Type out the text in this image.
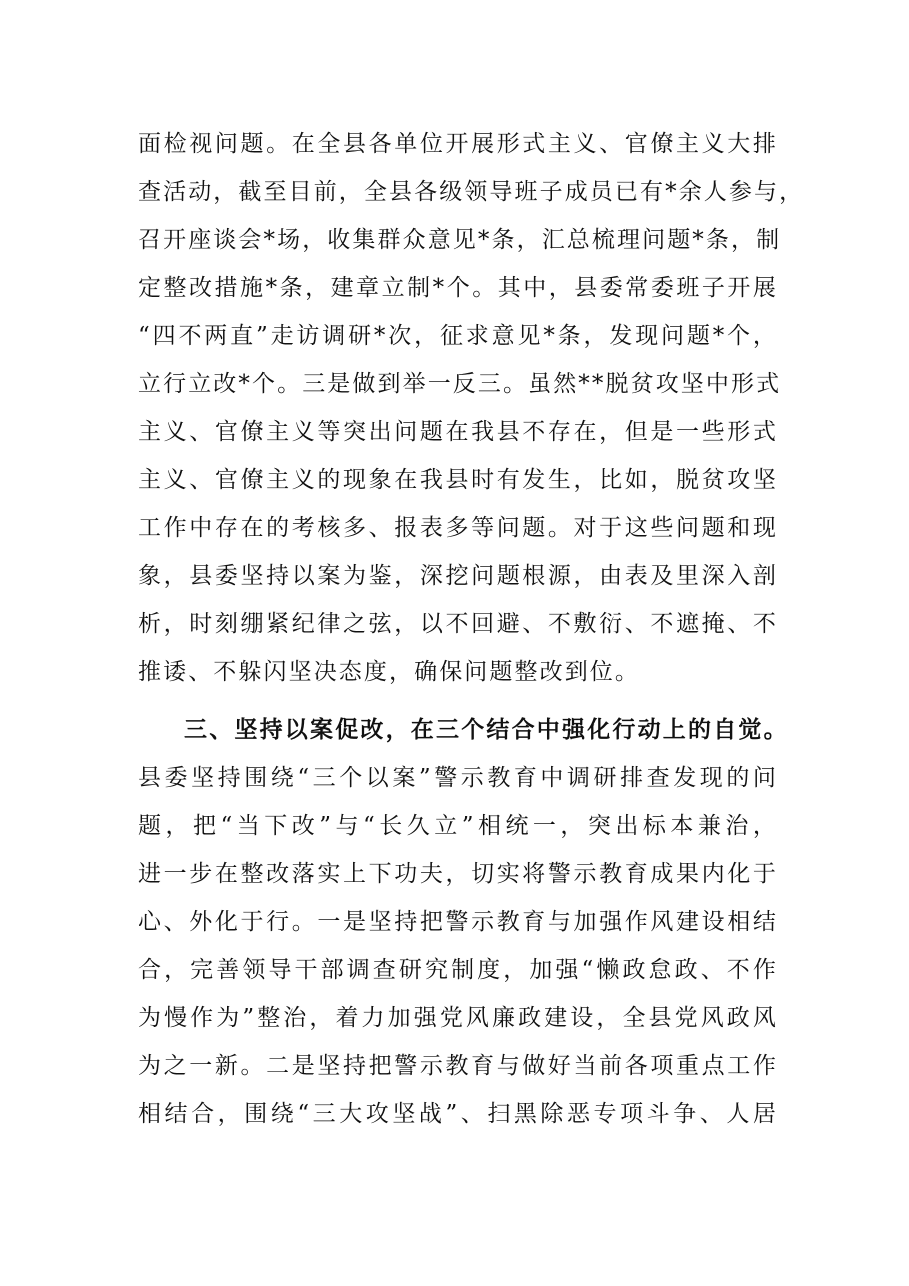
面检视问题。在全县各单位开展形式主义、官僚主义大排
查活动，截至目前，全县各级领导班子成员已有*余人参与，
召开座谈会*场，收集群众意见*条，汇总梳理问题*条，制
定整改措施*条，建章立制*个。其中，县委常委班子开展
“四不两直”走访调研*次，征求意见*条，发现问题*个，
立行立改*个。三是做到举一反三。虽然**脱贫攻坚中形式
主义、官僚主义等突出问题在我县不存在，但是一些形式
主义、官僚主义的现象在我县时有发生，比如，脱贫攻坚
工作中存在的考核多、报表多等问题。对于这些问题和现
象，县委坚持以案为鉴，深挖问题根源，由表及里深入剖
析，时刻绷紧纪律之弦，以不回避、不敷衍、不遮掩、不
推诿、不躲闪坚决态度，确保问题整改到位。
三、坚持以案促改，在三个结合中强化行动上的自觉。
县委坚持围绕“三个以案”警示教育中调研排查发现的问
题，把“当下改”与“长久立”相统一，突出标本兼治，
进一步在整改落实上下功夫，切实将警示教育成果内化于
心、外化于行。一是坚持把警示教育与加强作风建设相结
合，完善领导干部调查研究制度，加强“懒政怠政、不作
为慢作为”整治，着力加强党风廉政建设，全县党风政风
为之一新。二是坚持把警示教育与做好当前各项重点工作
相结合，围绕“三大攻坚战”、扫黑除恶专项斗争、人居
